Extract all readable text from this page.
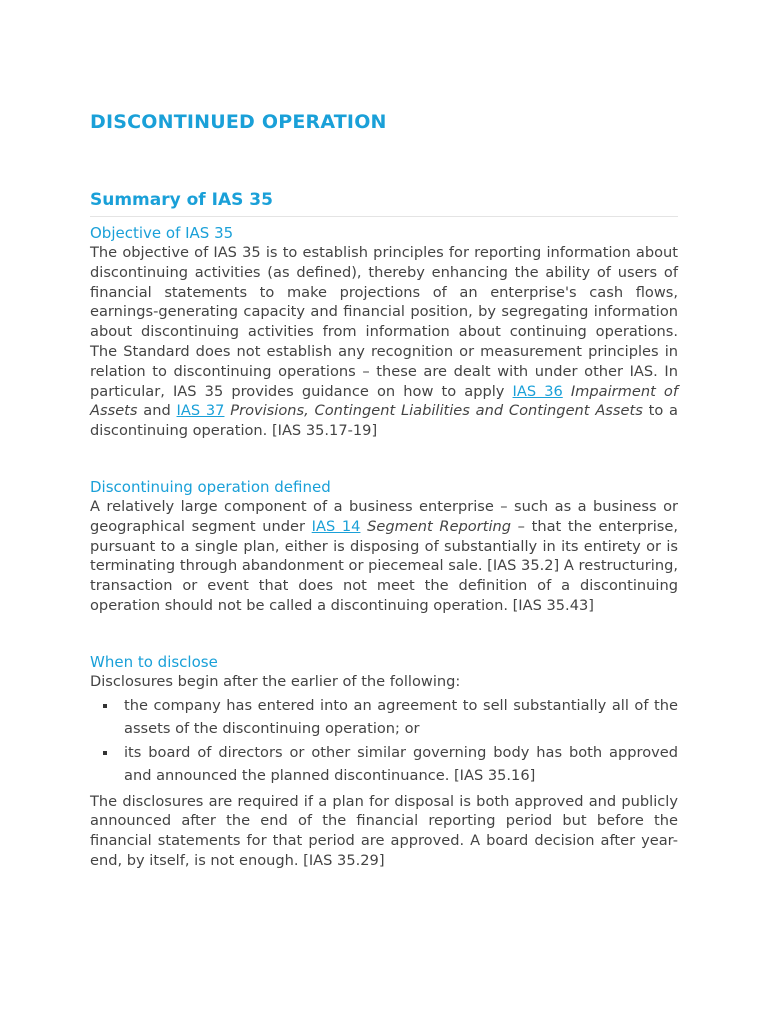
DISCONTINUED OPERATION
Summary of IAS 35
Objective of IAS 35

The objective of IAS 35 is to establish principles for reporting information about discontinuing activities (as defined), thereby enhancing the ability of users of financial statements to make projections of an enterprise's cash flows, earnings-generating capacity and financial position, by segregating information about discontinuing activities from information about continuing operations. The Standard does not establish any recognition or measurement principles in relation to discontinuing operations – these are dealt with under other IAS. In particular, IAS 35 provides guidance on how to apply IAS 36 Impairment of Assets and IAS 37 Provisions, Contingent Liabilities and Contingent Assets to a discontinuing operation. [IAS 35.17-19]

Discontinuing operation defined

A relatively large component of a business enterprise – such as a business or geographical segment under IAS 14 Segment Reporting – that the enterprise, pursuant to a single plan, either is disposing of substantially in its entirety or is terminating through abandonment or piecemeal sale. [IAS 35.2] A restructuring, transaction or event that does not meet the definition of a discontinuing operation should not be called a discontinuing operation. [IAS 35.43]

When to disclose

Disclosures begin after the earlier of the following:

the company has entered into an agreement to sell substantially all of the assets of the discontinuing operation; or
its board of directors or other similar governing body has both approved and announced the planned discontinuance. [IAS 35.16]

The disclosures are required if a plan for disposal is both approved and publicly announced after the end of the financial reporting period but before the financial statements for that period are approved. A board decision after year-end, by itself, is not enough. [IAS 35.29]
